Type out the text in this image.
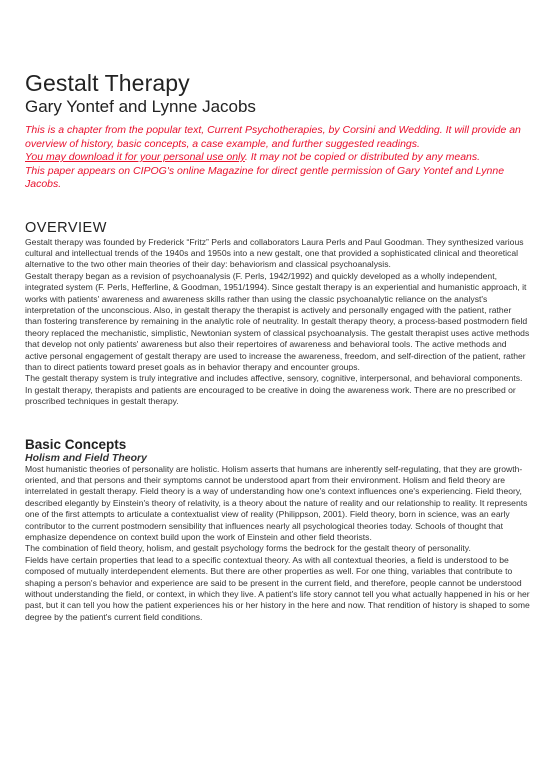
Gestalt Therapy
Gary Yontef and Lynne Jacobs

This is a chapter from the popular text, Current Psychotherapies, by Corsini and Wedding. It will provide an overview of history, basic concepts, a case example, and further suggested readings.

You may download it for your personal use only. It may not be copied or distributed by any means.

This paper appears on CIPOG's online Magazine for direct gentle permission of Gary Yontef and Lynne Jacobs.

OVERVIEW

Gestalt therapy was founded by Frederick “Fritz” Perls and collaborators Laura Perls and Paul Goodman. They synthesized various cultural and intellectual trends of the 1940s and 1950s into a new gestalt, one that provided a sophisticated clinical and theoretical alternative to the two other main theories of their day: behaviorism and classical psychoanalysis.

Gestalt therapy began as a revision of psychoanalysis (F. Perls, 1942/1992) and quickly developed as a wholly independent, integrated system (F. Perls, Hefferline, & Goodman, 1951/1994). Since gestalt therapy is an experiential and humanistic approach, it works with patients' awareness and awareness skills rather than using the classic psychoanalytic reliance on the analyst's interpretation of the unconscious. Also, in gestalt therapy the therapist is actively and personally engaged with the patient, rather than fostering transference by remaining in the analytic role of neutrality. In gestalt therapy theory, a process-based postmodern field theory replaced the mechanistic, simplistic, Newtonian system of classical psychoanalysis. The gestalt therapist uses active methods that develop not only patients' awareness but also their repertoires of awareness and behavioral tools. The active methods and active personal engagement of gestalt therapy are used to increase the awareness, freedom, and self-direction of the patient, rather than to direct patients toward preset goals as in behavior therapy and encounter groups.

The gestalt therapy system is truly integrative and includes affective, sensory, cognitive, interpersonal, and behavioral components. In gestalt therapy, therapists and patients are encouraged to be creative in doing the awareness work. There are no prescribed or proscribed techniques in gestalt therapy.

Basic Concepts
Holism and Field Theory

Most humanistic theories of personality are holistic. Holism asserts that humans are inherently self-regulating, that they are growth-oriented, and that persons and their symptoms cannot be understood apart from their environment. Holism and field theory are interrelated in gestalt therapy. Field theory is a way of understanding how one's context influences one's experiencing. Field theory, described elegantly by Einstein's theory of relativity, is a theory about the nature of reality and our relationship to reality. It represents one of the first attempts to articulate a contextualist view of reality (Philippson, 2001). Field theory, born in science, was an early contributor to the current postmodern sensibility that influences nearly all psychological theories today. Schools of thought that emphasize dependence on context build upon the work of Einstein and other field theorists.

The combination of field theory, holism, and gestalt psychology forms the bedrock for the gestalt theory of personality.

Fields have certain properties that lead to a specific contextual theory. As with all contextual theories, a field is understood to be composed of mutually interdependent elements. But there are other properties as well. For one thing, variables that contribute to shaping a person's behavior and experience are said to be present in the current field, and therefore, people cannot be understood without understanding the field, or context, in which they live. A patient's life story cannot tell you what actually happened in his or her past, but it can tell you how the patient experiences his or her history in the here and now. That rendition of history is shaped to some degree by the patient's current field conditions.
